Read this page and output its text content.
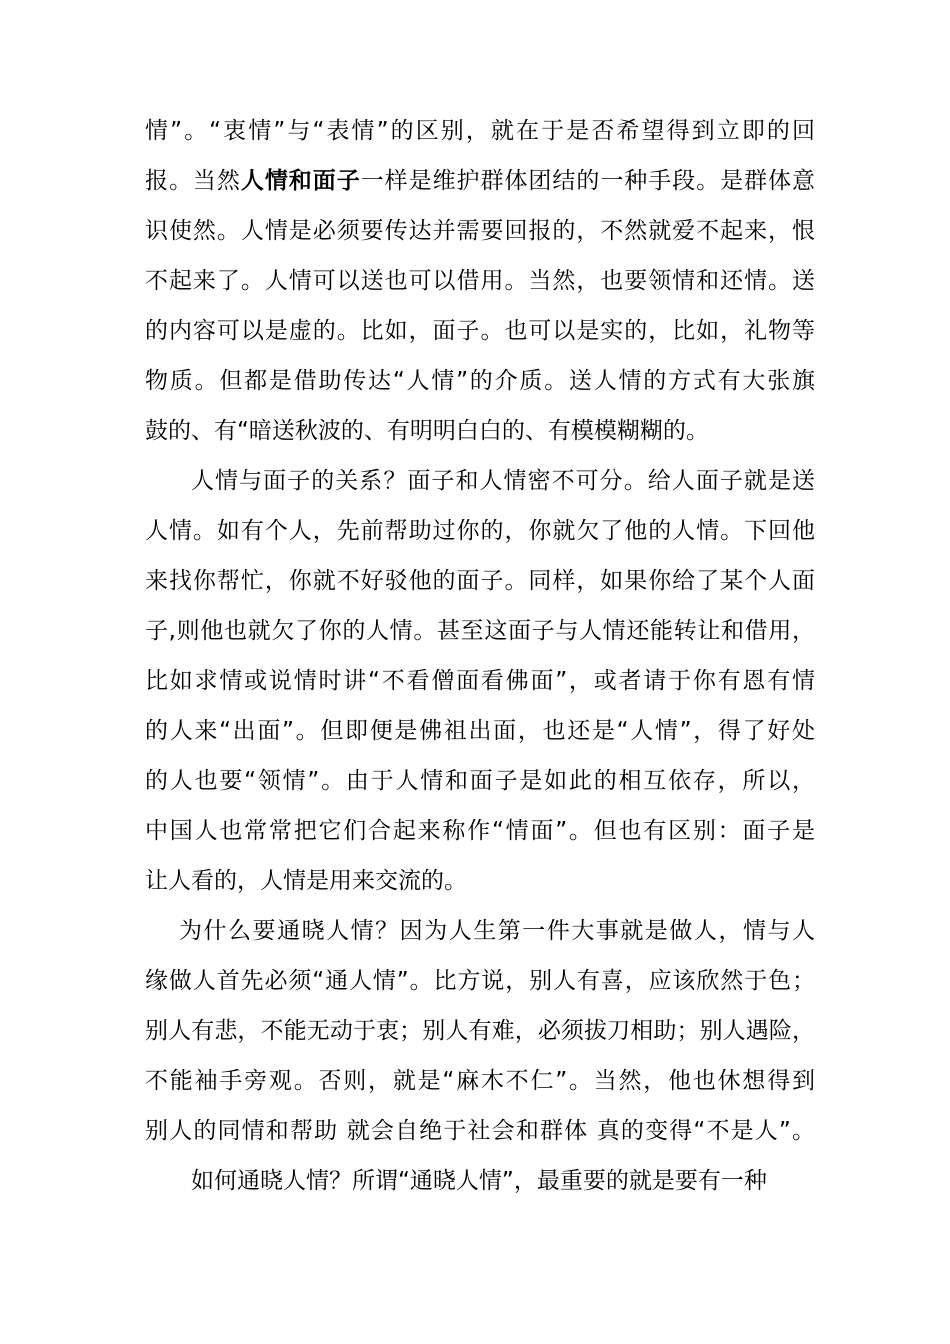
情”。“衷情”与“表情”的区别，就在于是否希望得到立即的回
报。当然人情和面子一样是维护群体团结的一种手段。是群体意
识使然。人情是必须要传达并需要回报的，不然就爱不起来，恨
不起来了。人情可以送也可以借用。当然，也要领情和还情。送
的内容可以是虚的。比如，面子。也可以是实的，比如，礼物等
物质。但都是借助传达“人情”的介质。送人情的方式有大张旗
鼓的、有“暗送秋波的、有明明白白的、有模模糊糊的。
人情与面子的关系？面子和人情密不可分。给人面子就是送
人情。如有个人，先前帮助过你的，你就欠了他的人情。下回他
来找你帮忙，你就不好驳他的面子。同样，如果你给了某个人面
子,则他也就欠了你的人情。甚至这面子与人情还能转让和借用，
比如求情或说情时讲“不看僧面看佛面”，或者请于你有恩有情
的人来“出面”。但即便是佛祖出面，也还是“人情”，得了好处
的人也要“领情”。由于人情和面子是如此的相互依存，所以，
中国人也常常把它们合起来称作“情面”。但也有区别：面子是
让人看的，人情是用来交流的。
为什么要通晓人情？因为人生第一件大事就是做人，情与人
缘做人首先必须“通人情”。比方说，别人有喜，应该欣然于色；
别人有悲，不能无动于衷；别人有难，必须拔刀相助；别人遇险，
不能袖手旁观。否则，就是“麻木不仁”。当然，他也休想得到
别人的同情和帮助 就会自绝于社会和群体 真的变得“不是人”。
如何通晓人情？所谓“通晓人情”，最重要的就是要有一种
